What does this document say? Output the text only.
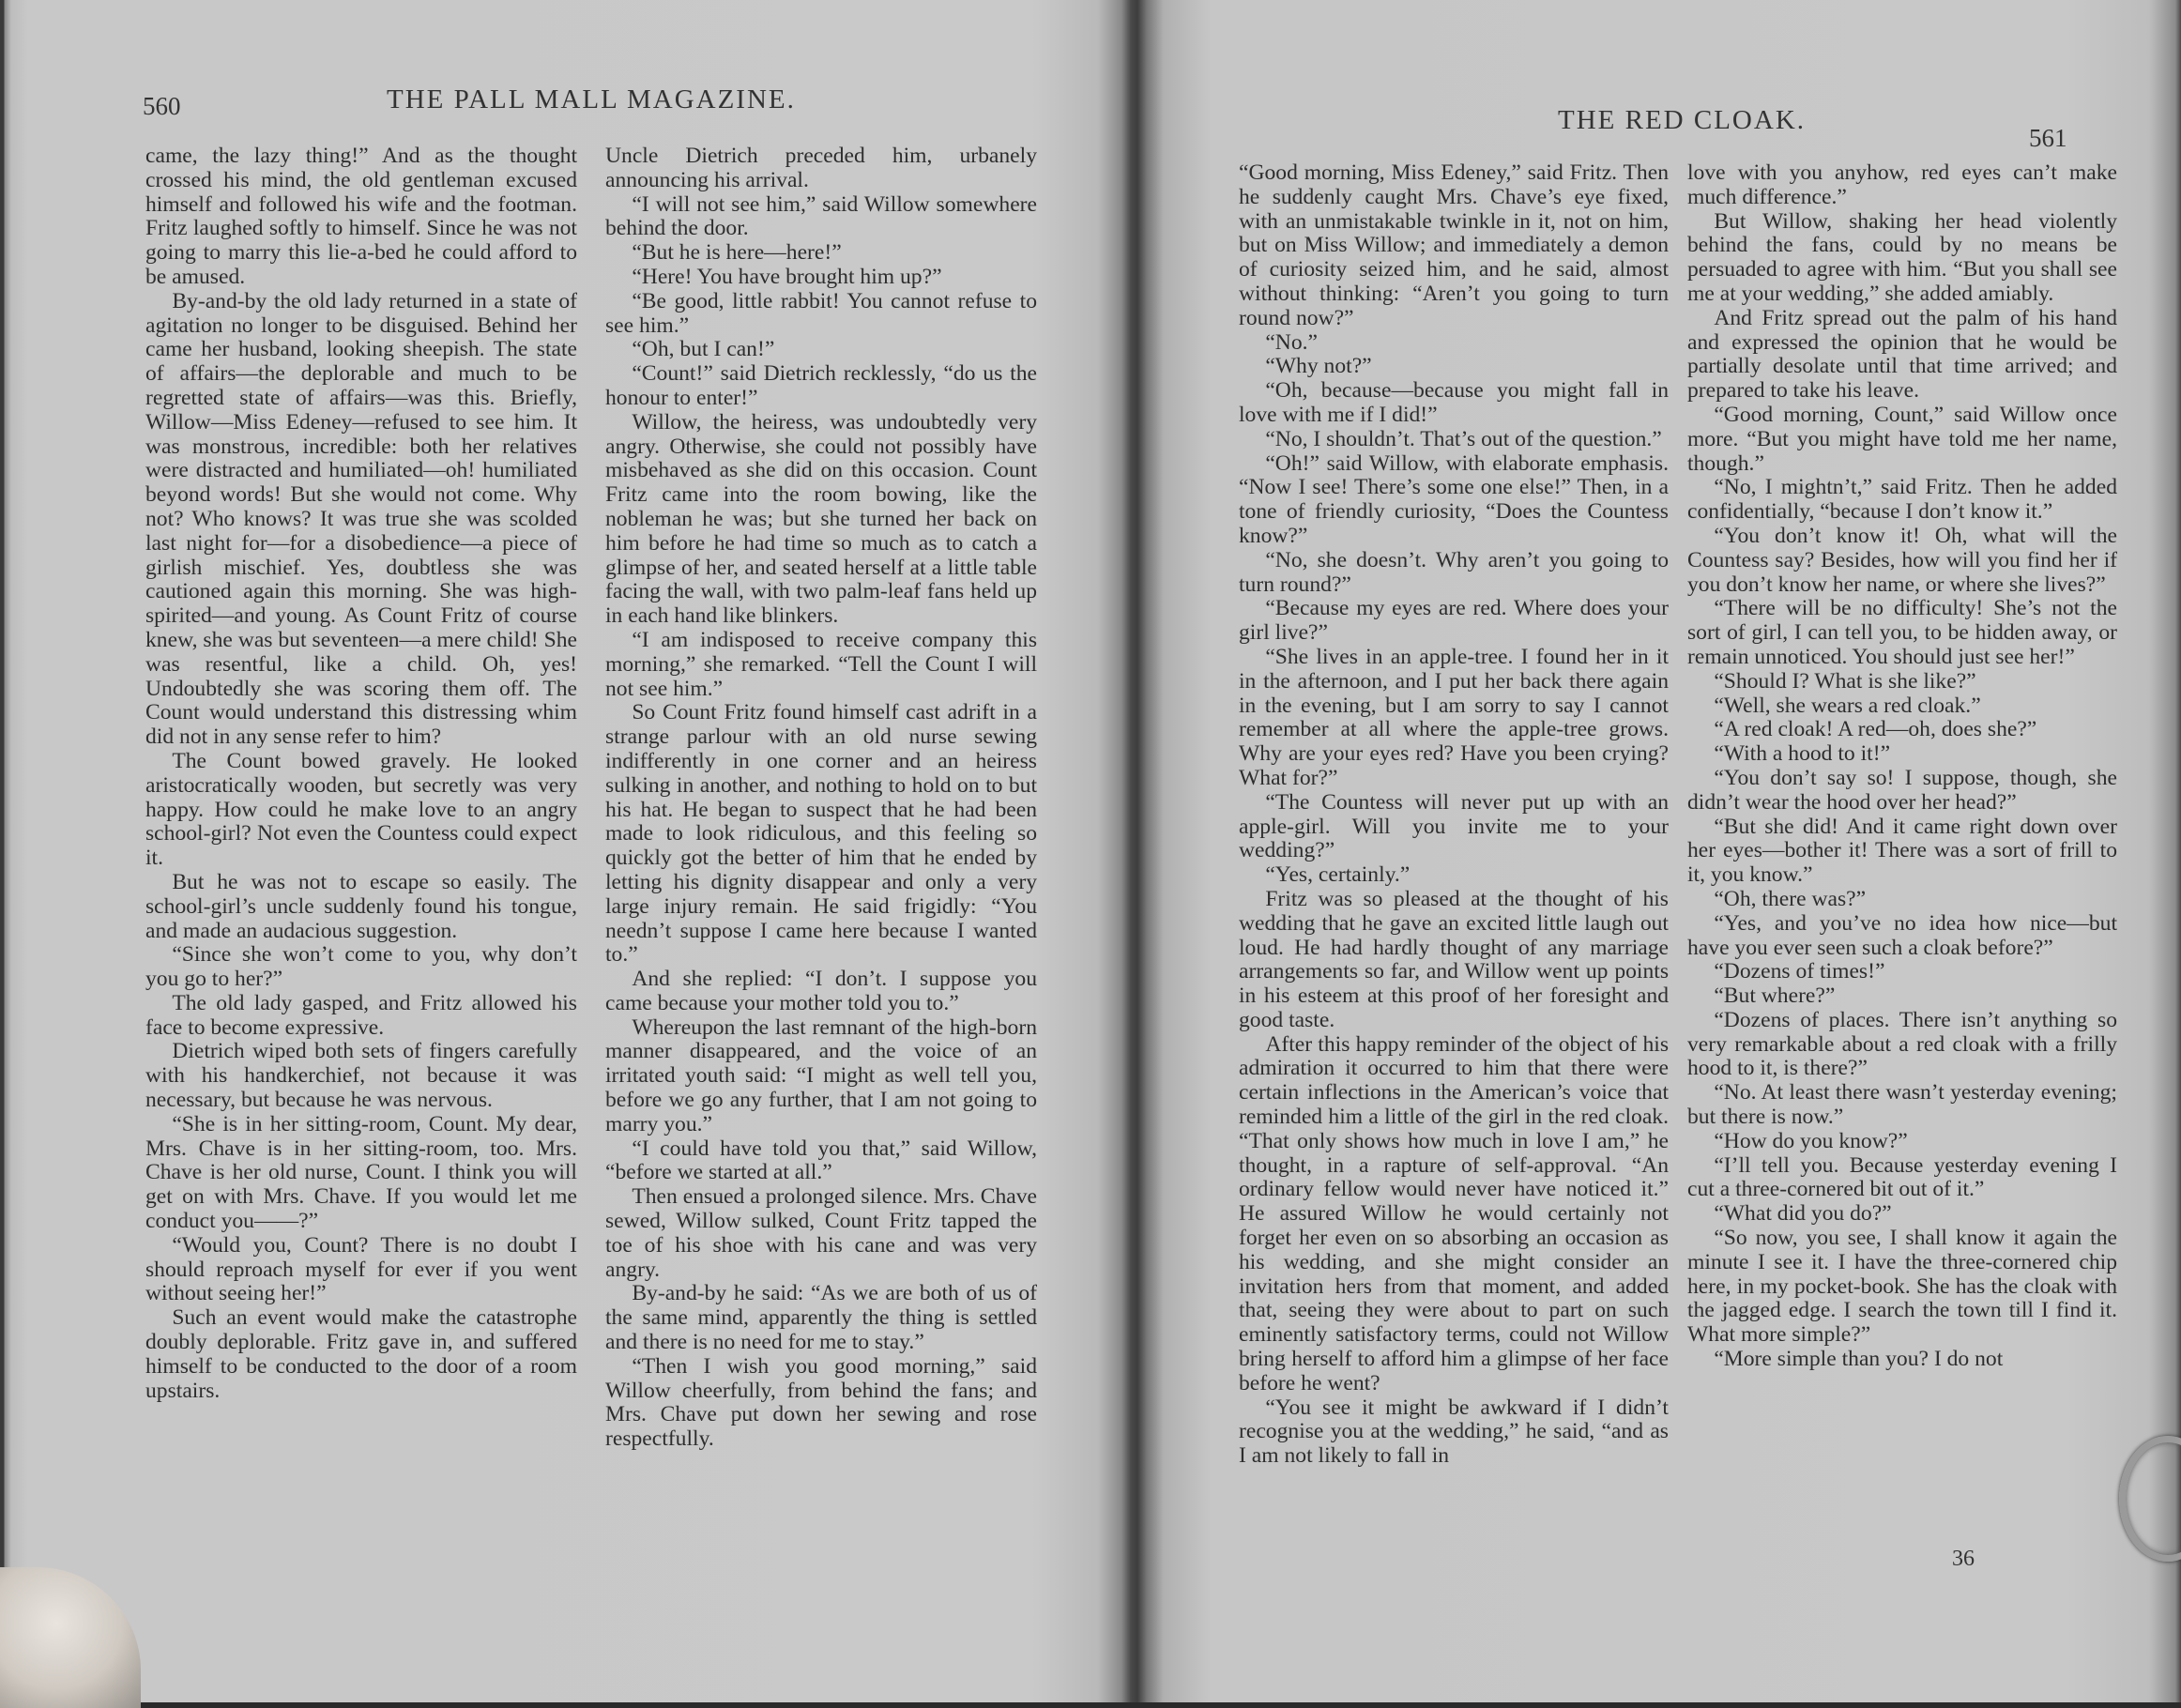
560	THE PALL MALL MAGAZINE.

came, the lazy thing!” And as the thought crossed his mind, the old gentleman excused himself and followed his wife and the footman. Fritz laughed softly to himself. Since he was not going to marry this lie-a-bed he could afford to be amused.

By-and-by the old lady returned in a state of agitation no longer to be disguised. Behind her came her husband, looking sheepish. The state of affairs—the deplorable and much to be regretted state of affairs—was this. Briefly, Willow—Miss Edeney—refused to see him. It was monstrous, incredible: both her relatives were distracted and humiliated—oh! humiliated beyond words! But she would not come. Why not? Who knows? It was true she was scolded last night for—for a disobedience—a piece of girlish mischief. Yes, doubtless she was cautioned again this morning. She was high-spirited—and young. As Count Fritz of course knew, she was but seventeen—a mere child! She was resentful, like a child. Oh, yes! Undoubtedly she was scoring them off. The Count would understand this distressing whim did not in any sense refer to him?

The Count bowed gravely. He looked aristocratically wooden, but secretly was very happy. How could he make love to an angry school-girl? Not even the Countess could expect it.

But he was not to escape so easily. The school-girl’s uncle suddenly found his tongue, and made an audacious suggestion.

“Since she won’t come to you, why don’t you go to her?”

The old lady gasped, and Fritz allowed his face to become expressive.

Dietrich wiped both sets of fingers carefully with his handkerchief, not because it was necessary, but because he was nervous.

“She is in her sitting-room, Count. My dear, Mrs. Chave is in her sitting-room, too. Mrs. Chave is her old nurse, Count. I think you will get on with Mrs. Chave. If you would let me conduct you——?”

“Would you, Count? There is no doubt I should reproach myself for ever if you went without seeing her!”

Such an event would make the catastrophe doubly deplorable. Fritz gave in, and suffered himself to be conducted to the door of a room upstairs.

Uncle Dietrich preceded him, urbanely announcing his arrival.

“I will not see him,” said Willow somewhere behind the door.

“But he is here—here!”

“Here! You have brought him up?”

“Be good, little rabbit! You cannot refuse to see him.”

“Oh, but I can!”

“Count!” said Dietrich recklessly, “do us the honour to enter!”

Willow, the heiress, was undoubtedly very angry. Otherwise, she could not possibly have misbehaved as she did on this occasion. Count Fritz came into the room bowing, like the nobleman he was; but she turned her back on him before he had time so much as to catch a glimpse of her, and seated herself at a little table facing the wall, with two palm-leaf fans held up in each hand like blinkers.

“I am indisposed to receive company this morning,” she remarked. “Tell the Count I will not see him.”

So Count Fritz found himself cast adrift in a strange parlour with an old nurse sewing indifferently in one corner and an heiress sulking in another, and nothing to hold on to but his hat. He began to suspect that he had been made to look ridiculous, and this feeling so quickly got the better of him that he ended by letting his dignity disappear and only a very large injury remain. He said frigidly: “You needn’t suppose I came here because I wanted to.”

And she replied: “I don’t. I suppose you came because your mother told you to.”

Whereupon the last remnant of the high-born manner disappeared, and the voice of an irritated youth said: “I might as well tell you, before we go any further, that I am not going to marry you.”

“I could have told you that,” said Willow, “before we started at all.”

Then ensued a prolonged silence. Mrs. Chave sewed, Willow sulked, Count Fritz tapped the toe of his shoe with his cane and was very angry.

By-and-by he said: “As we are both of us of the same mind, apparently the thing is settled and there is no need for me to stay.”

“Then I wish you good morning,” said Willow cheerfully, from behind the fans; and Mrs. Chave put down her sewing and rose respectfully.

THE RED CLOAK.
561

“Good morning, Miss Edeney,” said Fritz. Then he suddenly caught Mrs. Chave’s eye fixed, with an unmistakable twinkle in it, not on him, but on Miss Willow; and immediately a demon of curiosity seized him, and he said, almost without thinking: “Aren’t you going to turn round now?”

“No.”

“Why not?”

“Oh, because—because you might fall in love with me if I did!”

“No, I shouldn’t. That’s out of the question.”

“Oh!” said Willow, with elaborate emphasis. “Now I see! There’s some one else!” Then, in a tone of friendly curiosity, “Does the Countess know?”

“No, she doesn’t. Why aren’t you going to turn round?”

“Because my eyes are red. Where does your girl live?”

“She lives in an apple-tree. I found her in it in the afternoon, and I put her back there again in the evening, but I am sorry to say I cannot remember at all where the apple-tree grows. Why are your eyes red? Have you been crying? What for?”

“The Countess will never put up with an apple-girl. Will you invite me to your wedding?”

“Yes, certainly.”

Fritz was so pleased at the thought of his wedding that he gave an excited little laugh out loud. He had hardly thought of any marriage arrangements so far, and Willow went up points in his esteem at this proof of her foresight and good taste.

After this happy reminder of the object of his admiration it occurred to him that there were certain inflections in the American’s voice that reminded him a little of the girl in the red cloak. “That only shows how much in love I am,” he thought, in a rapture of self-approval. “An ordinary fellow would never have noticed it.” He assured Willow he would certainly not forget her even on so absorbing an occasion as his wedding, and she might consider an invitation hers from that moment, and added that, seeing they were about to part on such eminently satisfactory terms, could not Willow bring herself to afford him a glimpse of her face before he went?

“You see it might be awkward if I didn’t recognise you at the wedding,” he said, “and as I am not likely to fall in

love with you anyhow, red eyes can’t make much difference.”

But Willow, shaking her head violently behind the fans, could by no means be persuaded to agree with him. “But you shall see me at your wedding,” she added amiably.

And Fritz spread out the palm of his hand and expressed the opinion that he would be partially desolate until that time arrived; and prepared to take his leave.

“Good morning, Count,” said Willow once more. “But you might have told me her name, though.”

“No, I mightn’t,” said Fritz. Then he added confidentially, “because I don’t know it.”

“You don’t know it! Oh, what will the Countess say? Besides, how will you find her if you don’t know her name, or where she lives?”

“There will be no difficulty! She’s not the sort of girl, I can tell you, to be hidden away, or remain unnoticed. You should just see her!”

“Should I? What is she like?”

“Well, she wears a red cloak.”

“A red cloak! A red—oh, does she?”

“With a hood to it!”

“You don’t say so! I suppose, though, she didn’t wear the hood over her head?”

“But she did! And it came right down over her eyes—bother it! There was a sort of frill to it, you know.”

“Oh, there was?”

“Yes, and you’ve no idea how nice—but have you ever seen such a cloak before?”

“Dozens of times!”

“But where?”

“Dozens of places. There isn’t anything so very remarkable about a red cloak with a frilly hood to it, is there?”

“No. At least there wasn’t yesterday evening; but there is now.”

“How do you know?”

“I’ll tell you. Because yesterday evening I cut a three-cornered bit out of it.”

“What did you do?”

“So now, you see, I shall know it again the minute I see it. I have the three-cornered chip here, in my pocket-book. She has the cloak with the jagged edge. I search the town till I find it. What more simple?”

“More simple than you? I do not

36
